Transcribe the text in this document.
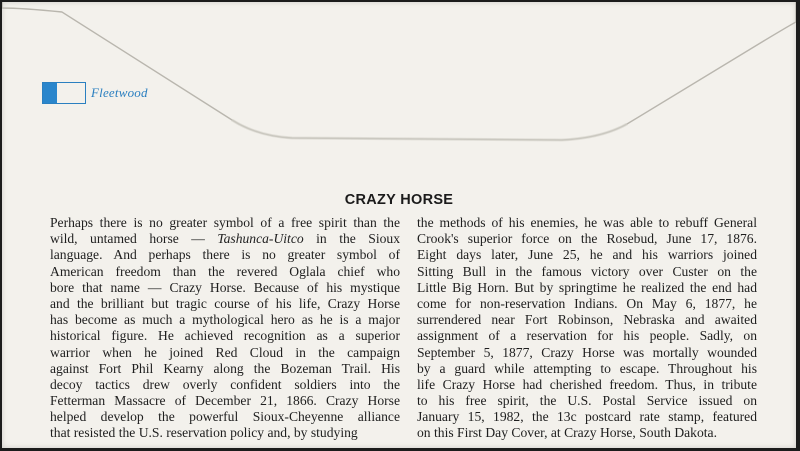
Fleetwood
CRAZY HORSE
Perhaps there is no greater symbol of a free spirit than the
wild, untamed horse — Tashunca-Uitco in the Sioux
language. And perhaps there is no greater symbol of
American freedom than the revered Oglala chief who
bore that name — Crazy Horse. Because of his mystique
and the brilliant but tragic course of his life, Crazy Horse
has become as much a mythological hero as he is a major
historical figure. He achieved recognition as a superior
warrior when he joined Red Cloud in the campaign
against Fort Phil Kearny along the Bozeman Trail. His
decoy tactics drew overly confident soldiers into the
Fetterman Massacre of December 21, 1866. Crazy Horse
helped develop the powerful Sioux-Cheyenne alliance
that resisted the U.S. reservation policy and, by studying
the methods of his enemies, he was able to rebuff General
Crook's superior force on the Rosebud, June 17, 1876.
Eight days later, June 25, he and his warriors joined
Sitting Bull in the famous victory over Custer on the
Little Big Horn. But by springtime he realized the end had
come for non-reservation Indians. On May 6, 1877, he
surrendered near Fort Robinson, Nebraska and awaited
assignment of a reservation for his people. Sadly, on
September 5, 1877, Crazy Horse was mortally wounded
by a guard while attempting to escape. Throughout his
life Crazy Horse had cherished freedom. Thus, in tribute
to his free spirit, the U.S. Postal Service issued on
January 15, 1982, the 13c postcard rate stamp, featured
on this First Day Cover, at Crazy Horse, South Dakota.
